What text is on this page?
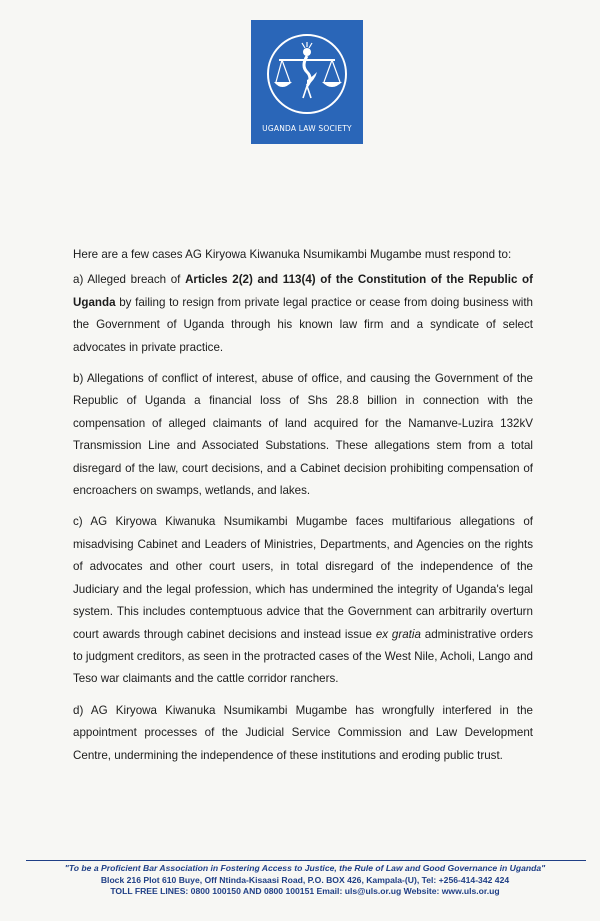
UGANDA LAW SOCIETY

Here are a few cases AG Kiryowa Kiwanuka Nsumikambi Mugambe must respond to:

a) Alleged breach of Articles 2(2) and 113(4) of the Constitution of the Republic of Uganda by failing to resign from private legal practice or cease from doing business with the Government of Uganda through his known law firm and a syndicate of select advocates in private practice.

b) Allegations of conflict of interest, abuse of office, and causing the Government of the Republic of Uganda a financial loss of Shs 28.8 billion in connection with the compensation of alleged claimants of land acquired for the Namanve-Luzira 132kV Transmission Line and Associated Substations. These allegations stem from a total disregard of the law, court decisions, and a Cabinet decision prohibiting compensation of encroachers on swamps, wetlands, and lakes.

c) AG Kiryowa Kiwanuka Nsumikambi Mugambe faces multifarious allegations of misadvising Cabinet and Leaders of Ministries, Departments, and Agencies on the rights of advocates and other court users, in total disregard of the independence of the Judiciary and the legal profession, which has undermined the integrity of Uganda's legal system. This includes contemptuous advice that the Government can arbitrarily overturn court awards through cabinet decisions and instead issue ex gratia administrative orders to judgment creditors, as seen in the protracted cases of the West Nile, Acholi, Lango and Teso war claimants and the cattle corridor ranchers.

d) AG Kiryowa Kiwanuka Nsumikambi Mugambe has wrongfully interfered in the appointment processes of the Judicial Service Commission and Law Development Centre, undermining the independence of these institutions and eroding public trust.

"To be a Proficient Bar Association in Fostering Access to Justice, the Rule of Law and Good Governance in Uganda"
Block 216 Plot 610 Buye, Off Ntinda-Kisaasi Road, P.O. BOX 426, Kampala-(U), Tel: +256-414-342 424
TOLL FREE LINES: 0800 100150 AND 0800 100151 Email: uls@uls.or.ug Website: www.uls.or.ug
